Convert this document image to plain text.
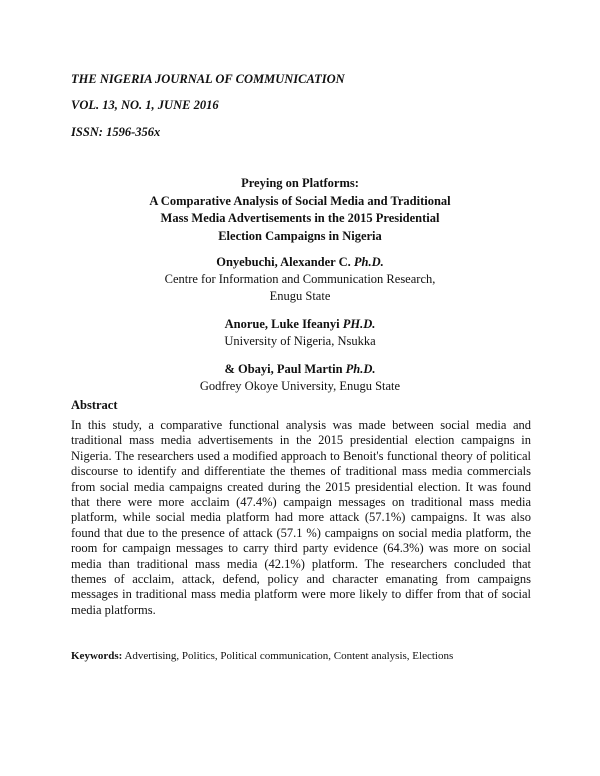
THE NIGERIA JOURNAL OF COMMUNICATION
VOL. 13, NO. 1, JUNE 2016
ISSN: 1596-356x
Preying on Platforms:
A Comparative Analysis of Social Media and Traditional
Mass Media Advertisements in the 2015 Presidential
Election Campaigns in Nigeria
Onyebuchi, Alexander C. Ph.D.
Centre for Information and Communication Research,
Enugu State
Anorue, Luke Ifeanyi PH.D.
University of Nigeria, Nsukka
& Obayi, Paul Martin Ph.D.
Godfrey Okoye University, Enugu State
Abstract

In this study, a comparative functional analysis was made between social media and traditional mass media advertisements in the 2015 presidential election campaigns in Nigeria. The researchers used a modified approach to Benoit's functional theory of political discourse to identify and differentiate the themes of traditional mass media commercials from social media campaigns created during the 2015 presidential election. It was found that there were more acclaim (47.4%) campaign messages on traditional mass media platform, while social media platform had more attack (57.1%) campaigns. It was also found that due to the presence of attack (57.1 %) campaigns on social media platform, the room for campaign messages to carry third party evidence (64.3%) was more on social media than traditional mass media (42.1%) platform. The researchers concluded that themes of acclaim, attack, defend, policy and character emanating from campaigns messages in traditional mass media platform were more likely to differ from that of social media platforms.

Keywords: Advertising, Politics, Political communication, Content analysis, Elections
